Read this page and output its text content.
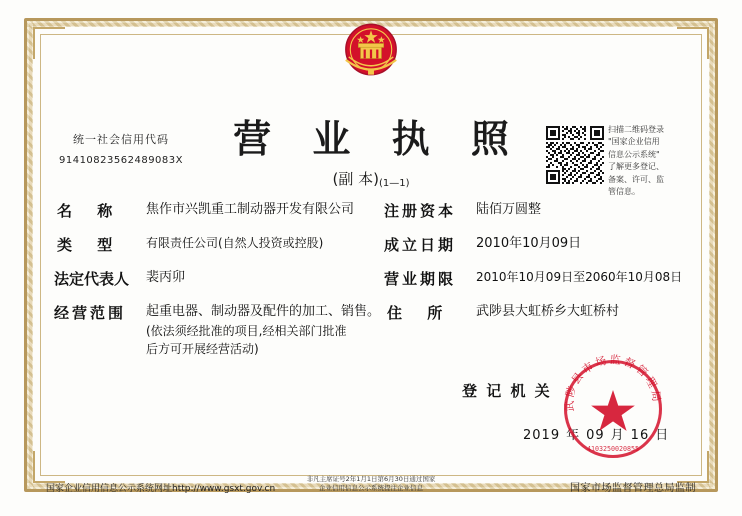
营 业 执 照
(副 本)(1—1)
统一社会信用代码
91410823562489083X
扫描二维码登录
"国家企业信用
信息公示系统"
了解更多登记、
备案、许可、监
管信息。
名 称	焦作市兴凯重工制动器开发有限公司 注册资本	陆佰万圆整
类 型	有限责任公司(自然人投资或控股)	成立日期	2010年10月09日
法定代表人	裴丙卯	营业期限	2010年10月09日至2060年10月08日
经营范围	起重电器、制动器及配件的加工、销售。
(依法须经批准的项目,经相关部门批准
后方可开展经营活动)
住 所	武陟县大虹桥乡大虹桥村
登 记 机 关
2019 年 09 月 16 日
武陟县市场监督管理局
4103250020855
国家企业信用信息公示系统网址http://www.gsxt.gov.cn
非凡主席证号2年1月1日第6月30日通过国家
企业信用信息公示系统提注企业信息	国家市场监督管理总局监制
